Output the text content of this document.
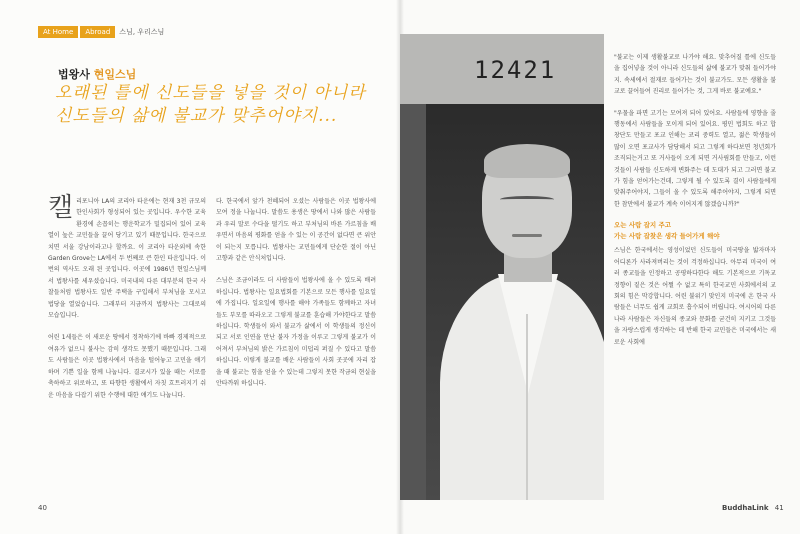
At Home	Abroad	스님, 우리스님
법왕사 현일스님
오래된 틀에 신도들을 넣을 것이 아니라
신도들의 삶에 불교가 맞추어야지...

캘 리포니아 LA의 코리아 타운에는 현재 3천 규모의 한인사회가 형성되어 있는 곳입니다. 우수한 교육환경에 손꼽히는 행운학교가 밀집되어 있어 교육열이 높은 교민들을 끌어 당기고 있기 때문입니다. 한국으로 치면 서울 강남이라고나 할까요. 이 코리아 타운외에 속한 Garden Grove는 LA에서 두 번째로 큰 한인 타운입니다. 이번의 역사도 오래 된 곳입니다. 이곳에 1986년 현일스님께서 법왕사를 세우셨습니다. 미국내의 다른 대부분의 한국 사찰들처럼 법왕사도 일반 주택을 구입해서 부처님을 모시고 법당을 열었습니다. 그래부터 지금까지 법왕사는 그대로의 모습입니다.

어린 1세들은 이 새로운 땅에서 정착하기에 바빠 경제적으로 여유가 없으니 불사는 감히 생각도 못했기 때문입니다. 그래도 사람들은 이곳 법왕사에서 마음을 털어놓고 고민을 얘기하며 기쁜 일을 함께 나눕니다. 결코시가 있을 때는 서로를 축하하고 위로하고, 또 타향한 생활에서 자칫 흐트러지기 쉬운 마음을 다잡기 위한 수행에 대한 얘기도 나눕니다.

다. 한국에서 앞가 천혜되어 오셨는 사람들은 이곳 법왕사에 모여 정을 나눕니다. 말씀도 용생은 땅에서 나와 많은 사람들과 우리 말로 수다을 떨기도 하고 부처님의 바른 가르침을 배우면서 마음의 평화를 얻을 수 있는 이 공간이 없다면 큰 위안이 되는지 모릅니다. 법왕사는 교민들에게 단순한 절이 아닌 고향과 같은 안식처입니다.

스님은 조금이라도 더 사람들이 법왕사에 올 수 있도록 배려하십니다. 법왕사는 일요법회를 기본으로 모든 행사를 일요일에 가집니다. 일요일에 행사를 해야 가족들도 함께하고 자녀들도 부모를 따라오고 그렇게 불교를 훈습해 가야한다고 말씀하십니다. 학생들이 와서 불교가 삶에서 이 학생들의 정신이 되고 서로 인연을 만난 불자 가정을 이루고 그렇게 불교가 이어져서 부처님의 밝은 가르침이 미덥리 퍼질 수 있다고 말씀하십니다. 이렇게 불교를 배운 사람들이 사회 곳곳에 자리 잡을 때 불교는 힘을 얻을 수 있는데 그렇지 못한 작금의 현실을 안타까워 하십니다.

40
12421	"불교는 이제 생활불교로 나가야 해요. 맞추어질 틀에 신도들을 집어넣을 것이 아니라 신도들의 삶에 불교가 맞춰 들어가야지. 속세에서 절재로 들어가는 것이 불교가도. 모든 생활을 불교로 끌어들여 진리로 들어가는 것, 그게 바로 불교예요."

"우물을 파면 고기는 모여져 되어 있어요. 사람들에 영향을 줄 행동에서 사람들을 모이게 되어 있어요. 평민 법회도 하고 합창단도 만들고 포교 인해는 코리 중력도 열고, 젊은 학생들이 많이 오면 포교사가 담당해서 되고 그렇게 하다보면 청년회가 조직되는거고 또 거사들이 오게 되면 거사림회를 만들고, 이런 것들이 사람들 신도하게 변화주는 데 도대가 되고 그러면 불교가 힘을 얻어가는건데, 그렇게 될 수 있도록 결이 사람들에게 맞춰주어야지, 그들이 올 수 있도록 해주어야지, 그렇게 되면 한 참만에서 불교가 계속 이어지게 않겠습니까?"

오는 사람 잡지 주고
가는 사람 잡찾은 생각 들어가게 해야

스님은 한국에서는 영성이었던 신도들이 미국땅을 밟자마자 어디론가 사라져버리는 것이 걱정하십니다. 아무리 미국이 여러 종교들을 인정하고 공평하다한다 해도 기본적으로 기독교 정향이 짙은 것은 어쩔 수 없고 특히 한국교민 사회에서의 교회의 힘은 막강합니다. 어린 불위기 맞인지 미국에 온 한국 사람들은 너무도 쉽게 교회로 흡수되어 버립니다. 여시어의 다른 나라 사람들은 자신들의 종교와 문화를 굳건히 지키고 그것들을 자랑스럽게 생각하는 데 반해 한국 교민들은 미국에서는 새로운 사회에

BuddhaLink 41
